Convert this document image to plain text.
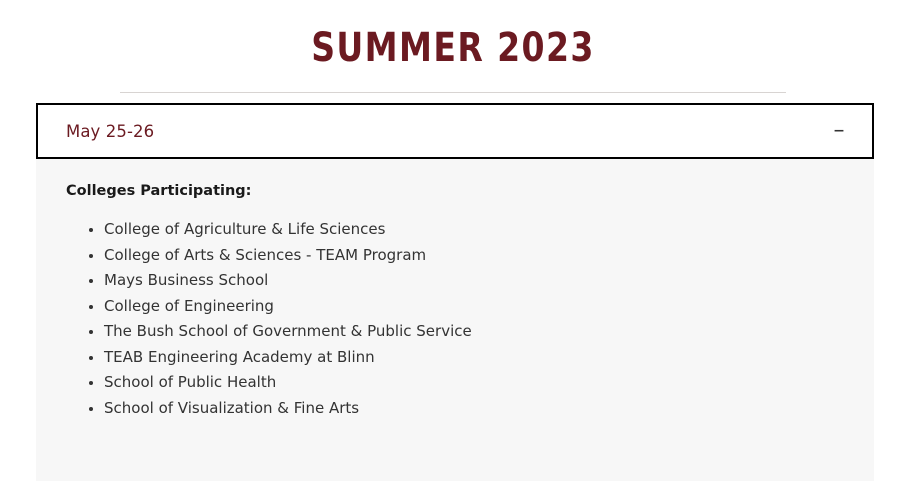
SUMMER 2023
May 25-26	–
Colleges Participating:
• College of Agriculture & Life Sciences
• College of Arts & Sciences - TEAM Program
• Mays Business School
• College of Engineering
• The Bush School of Government & Public Service
• TEAB Engineering Academy at Blinn
• School of Public Health
• School of Visualization & Fine Arts
